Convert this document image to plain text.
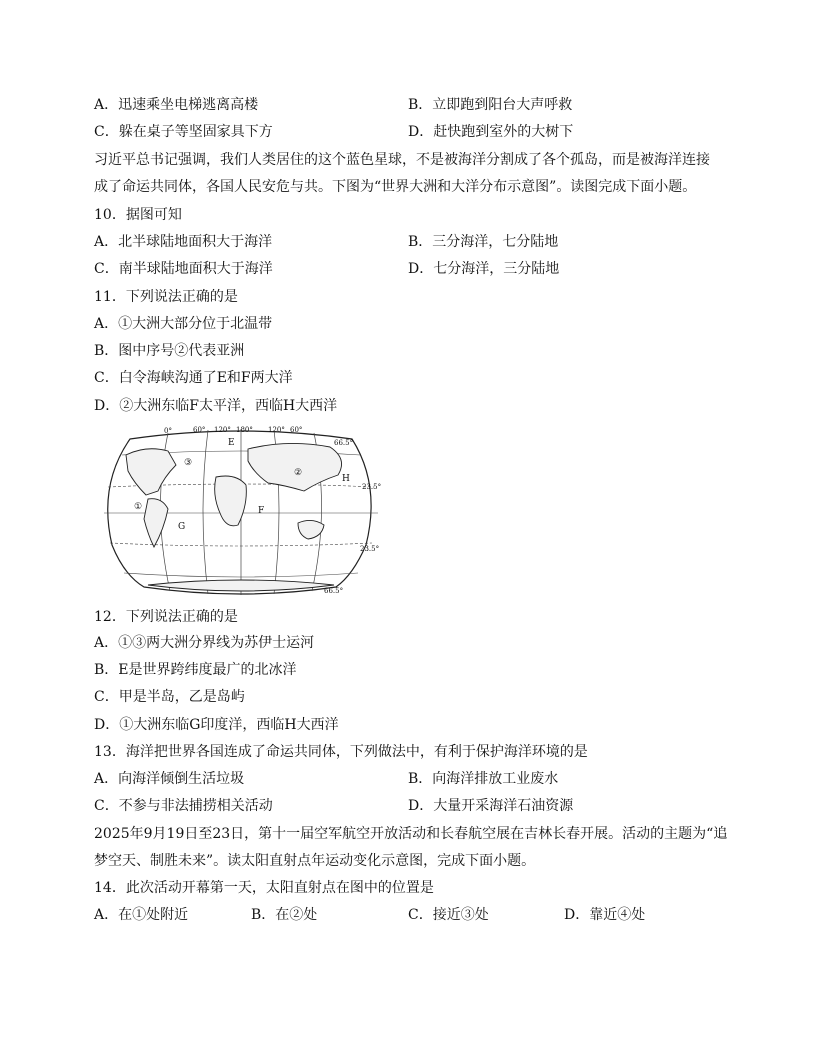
A．迅速乘坐电梯逃离高楼	B．立即跑到阳台大声呼救
C．躲在桌子等坚固家具下方	D．赶快跑到室外的大树下
习近平总书记强调，我们人类居住的这个蓝色星球，不是被海洋分割成了各个孤岛，而是被海洋连接
成了命运共同体，各国人民安危与共。下图为“世界大洲和大洋分布示意图”。读图完成下面小题。
10．据图可知
A．北半球陆地面积大于海洋	B．三分海洋，七分陆地
C．南半球陆地面积大于海洋	D．七分海洋，三分陆地
11．下列说法正确的是
A．①大洲大部分位于北温带
B．图中序号②代表亚洲
C．白令海峡沟通了E和F两大洋
D．②大洲东临F太平洋，西临H大西洋
0°	60° 120° 180° 120° 60°
66.5°
23.5°
23.5°
66.5°
E
F
G
H
①
②
③
12．下列说法正确的是
A．①③两大洲分界线为苏伊士运河
B．E是世界跨纬度最广的北冰洋
C．甲是半岛，乙是岛屿
D．①大洲东临G印度洋，西临H大西洋
13．海洋把世界各国连成了命运共同体，下列做法中，有利于保护海洋环境的是
A．向海洋倾倒生活垃圾	B．向海洋排放工业废水
C．不参与非法捕捞相关活动	D．大量开采海洋石油资源
2025年9月19日至23日，第十一届空军航空开放活动和长春航空展在吉林长春开展。活动的主题为“追
梦空天、制胜未来”。读太阳直射点年运动变化示意图，完成下面小题。
14．此次活动开幕第一天，太阳直射点在图中的位置是
A．在①处附近	B．在②处	C．接近③处	D．靠近④处
